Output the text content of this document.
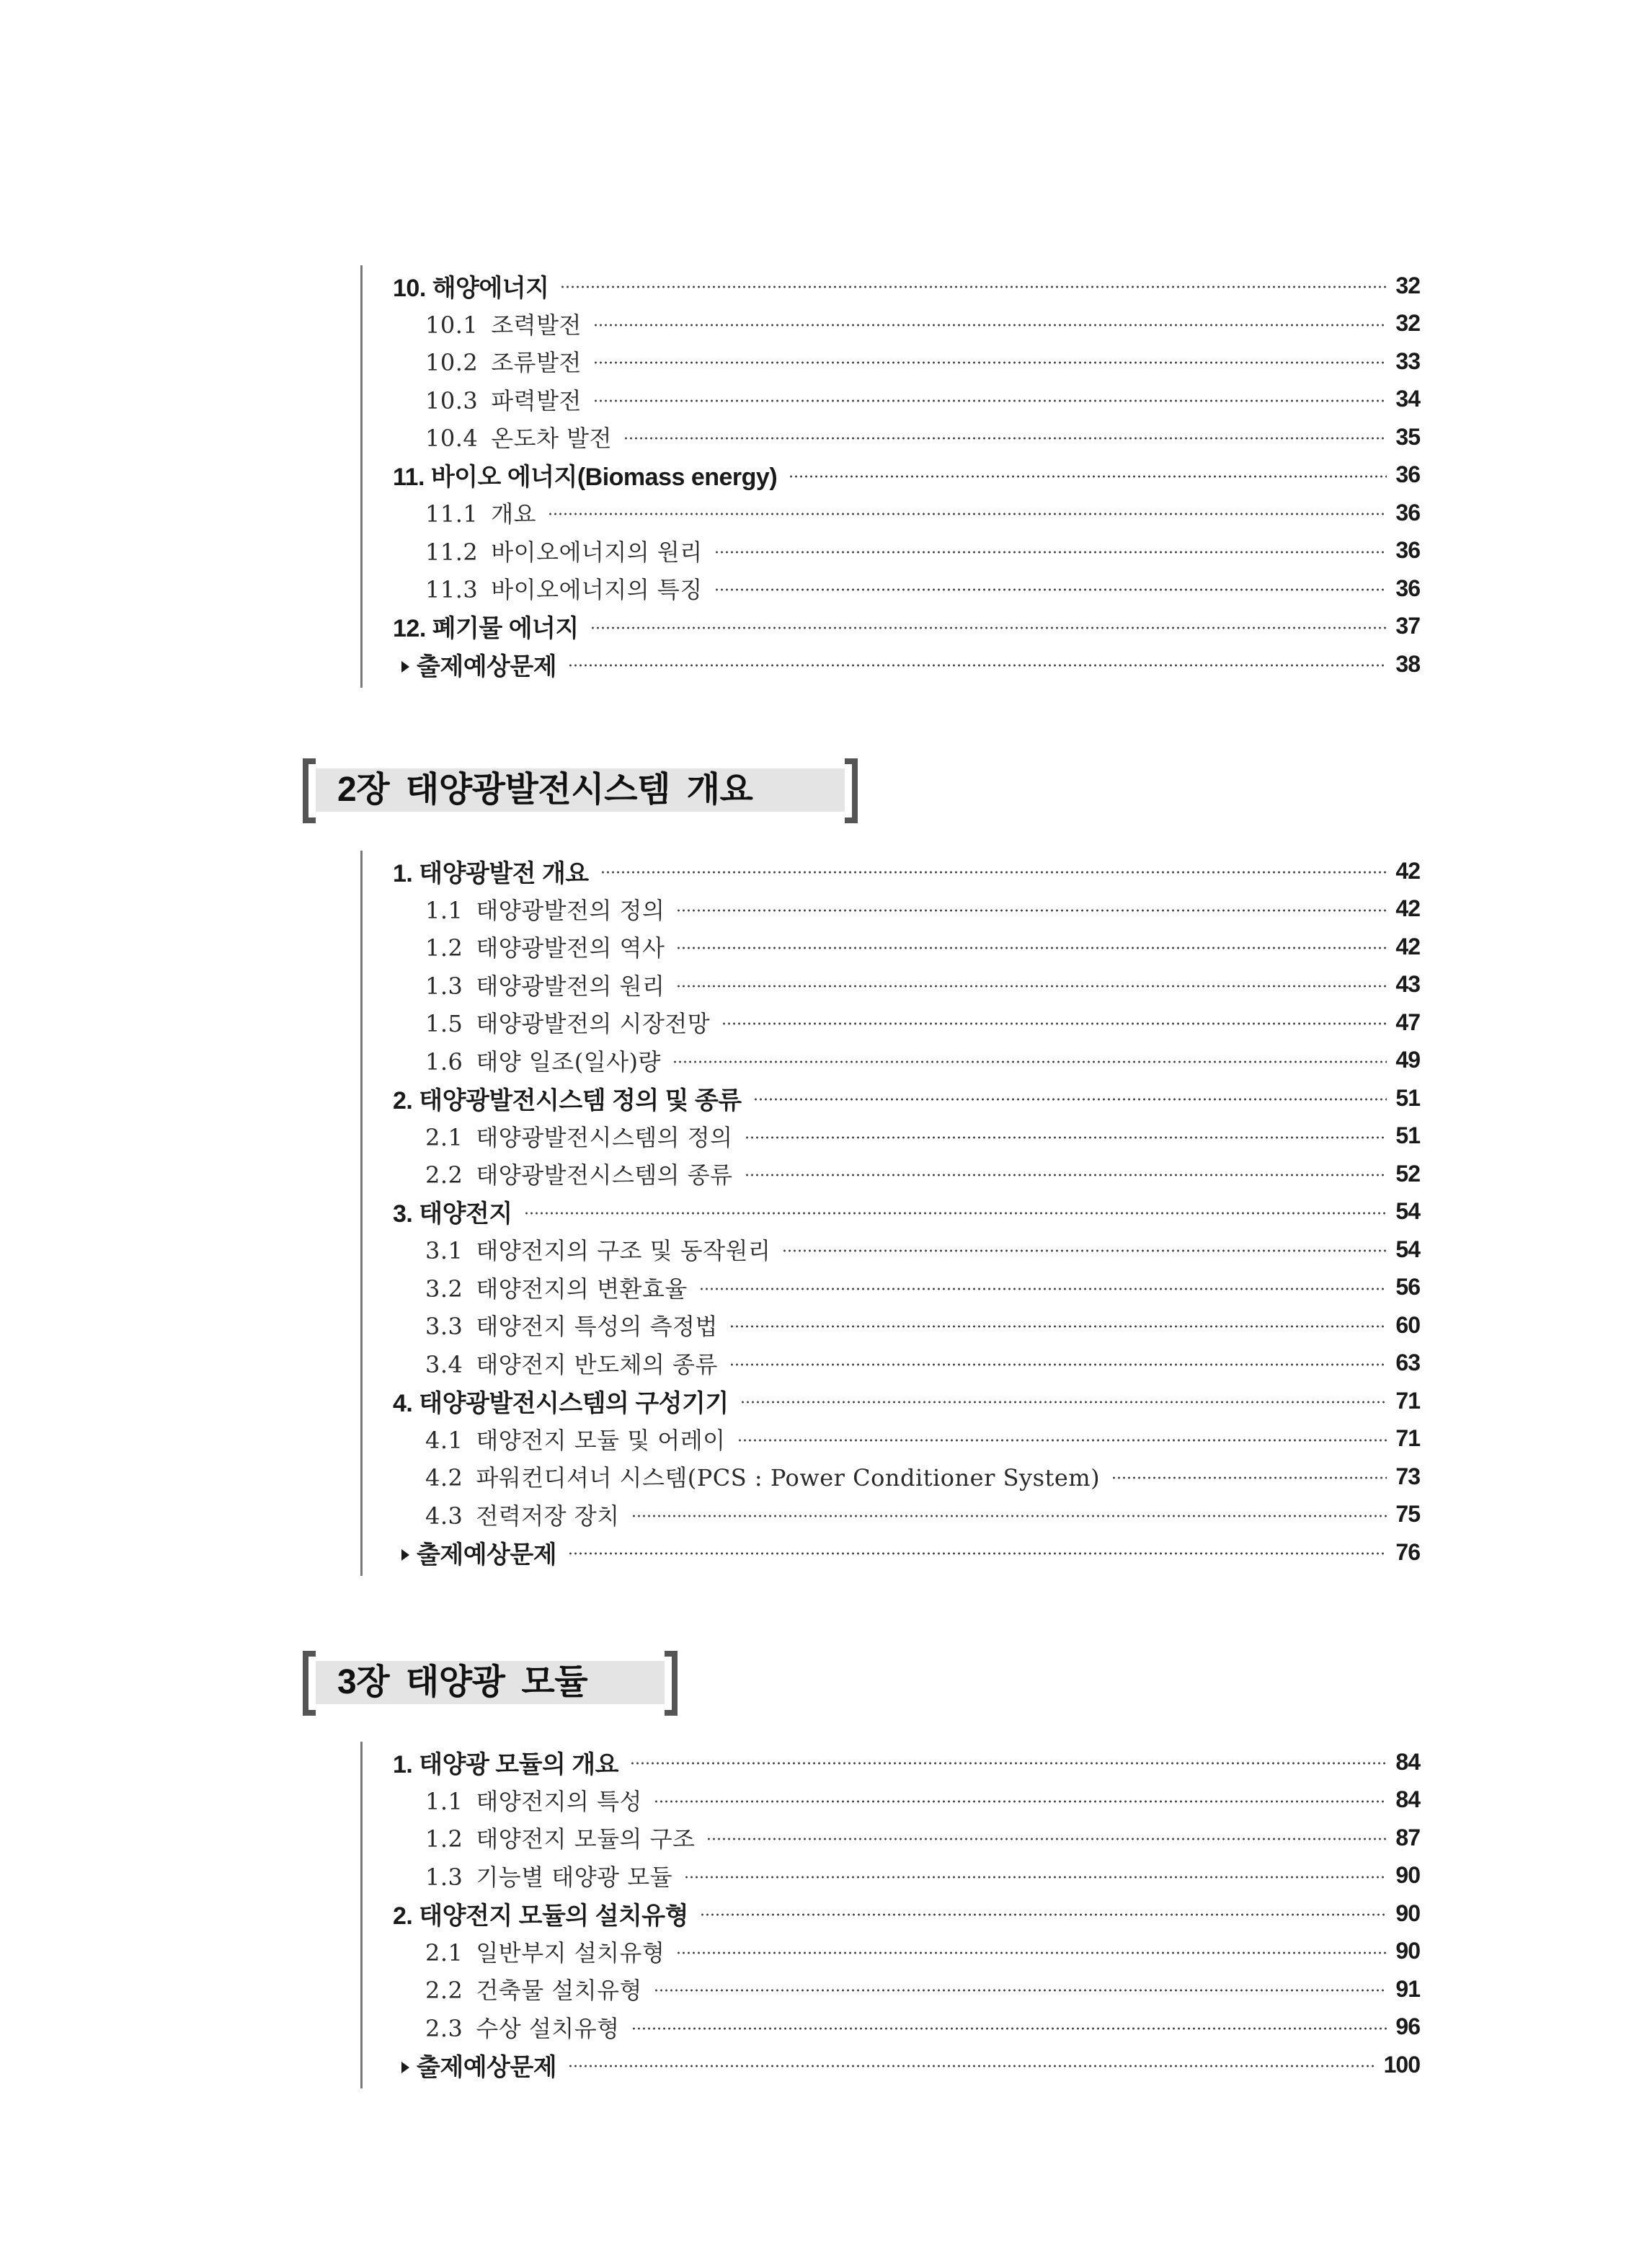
10. 해양에너지	32
10.1 조력발전	32
10.2 조류발전	33
10.3 파력발전	34
10.4 온도차 발전	35
11. 바이오 에너지(Biomass energy)	36
11.1 개요	36
11.2 바이오에너지의 원리	36
11.3 바이오에너지의 특징	36
12. 폐기물 에너지	37
출제예상문제	38
2장 태양광발전시스템 개요
1. 태양광발전 개요	42
1.1 태양광발전의 정의	42
1.2 태양광발전의 역사	42
1.3 태양광발전의 원리	43
1.5 태양광발전의 시장전망	47
1.6 태양 일조(일사)량	49
2. 태양광발전시스템 정의 및 종류	51
2.1 태양광발전시스템의 정의	51
2.2 태양광발전시스템의 종류	52
3. 태양전지	54
3.1 태양전지의 구조 및 동작원리	54
3.2 태양전지의 변환효율	56
3.3 태양전지 특성의 측정법	60
3.4 태양전지 반도체의 종류	63
4. 태양광발전시스템의 구성기기	71
4.1 태양전지 모듈 및 어레이	71
4.2 파워컨디셔너 시스템(PCS : Power Conditioner System)	73
4.3 전력저장 장치	75
출제예상문제	76
3장 태양광 모듈
1. 태양광 모듈의 개요	84
1.1 태양전지의 특성	84
1.2 태양전지 모듈의 구조	87
1.3 기능별 태양광 모듈	90
2. 태양전지 모듈의 설치유형	90
2.1 일반부지 설치유형	90
2.2 건축물 설치유형	91
2.3 수상 설치유형	96
출제예상문제	100
